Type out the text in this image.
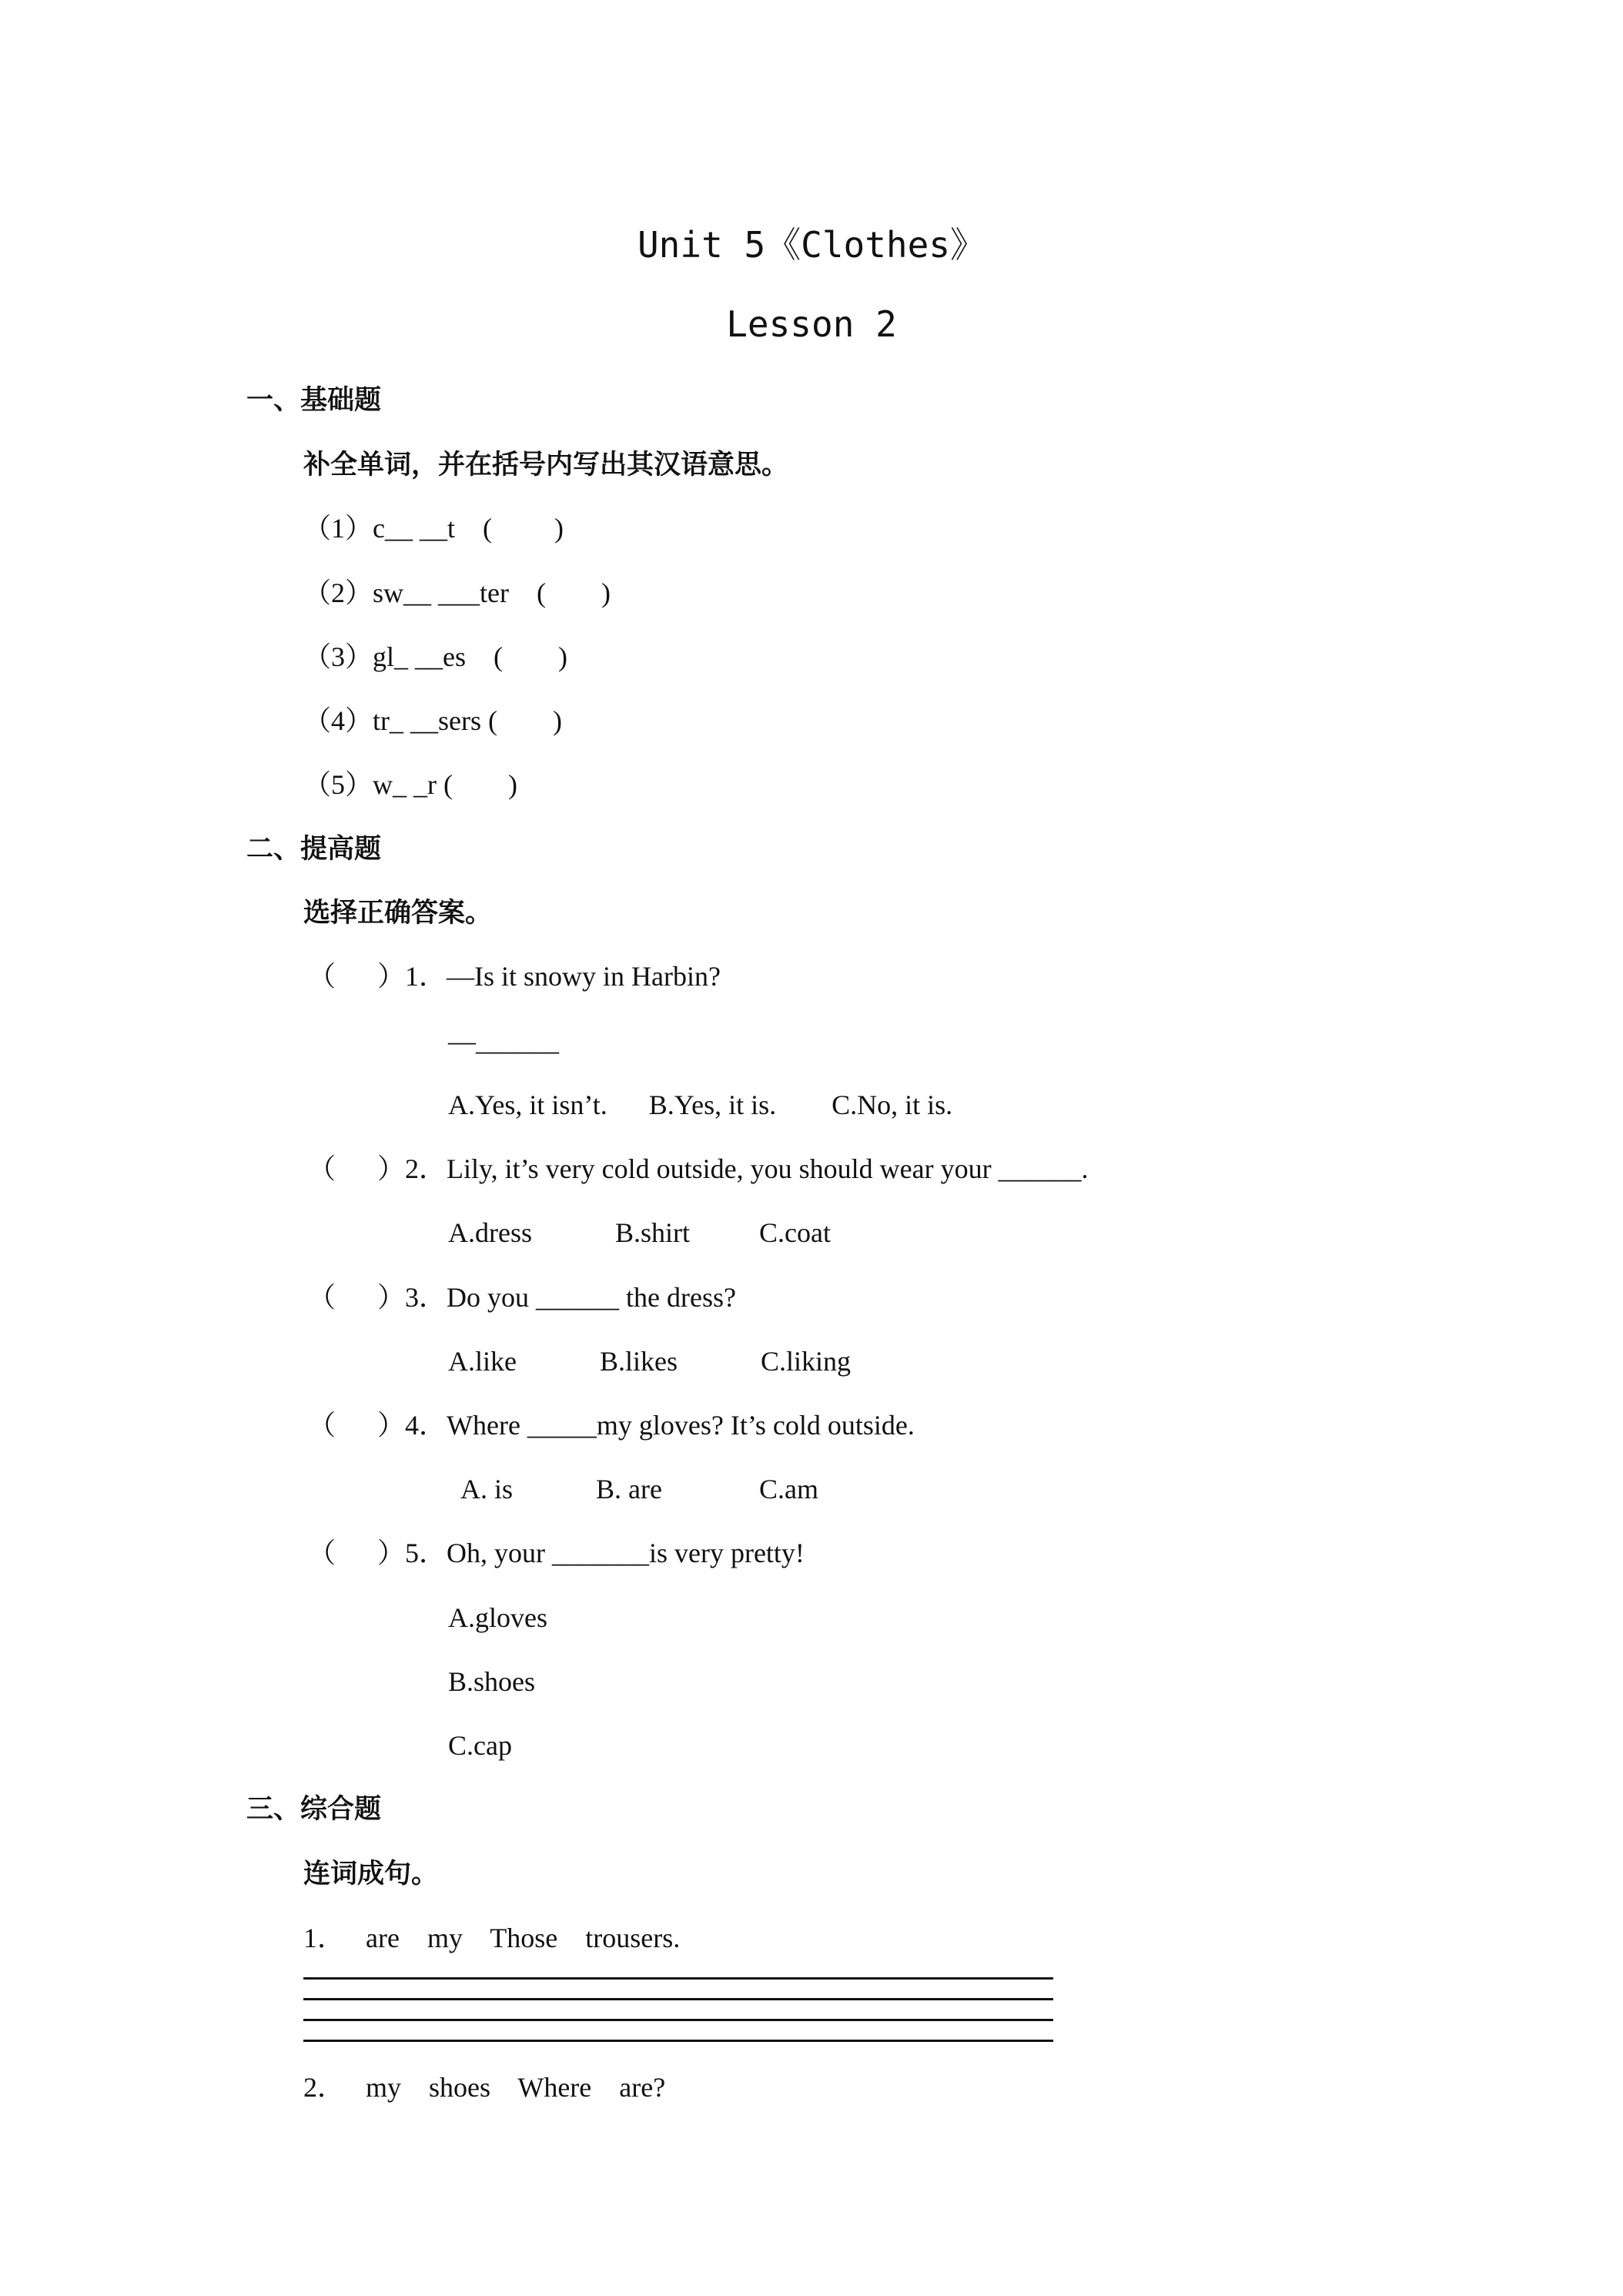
Unit 5《Clothes》
Lesson 2
一、基础题
补全单词，并在括号内写出其汉语意思。
（1）c__ __t    (         )
（2）sw__ ___ter    (        )
（3）gl_ __es    (        )
（4）tr_ __sers (        )
（5）w_ _r (        )
二、提高题
选择正确答案。
（      ）1．—Is it snowy in Harbin?
—______
A.Yes, it isn’t.      B.Yes, it is.        C.No, it is.
（      ）2．Lily, it’s very cold outside, you should wear your ______.
A.dress            B.shirt          C.coat
（      ）3．Do you ______ the dress?
A.like            B.likes            C.liking
（      ）4．Where _____my gloves? It’s cold outside.
A. is            B. are              C.am
（      ）5．Oh, your _______is very pretty!
A.gloves
B.shoes
C.cap
三、综合题
连词成句。
1．   are    my    Those    trousers.
2．   my    shoes    Where    are?
